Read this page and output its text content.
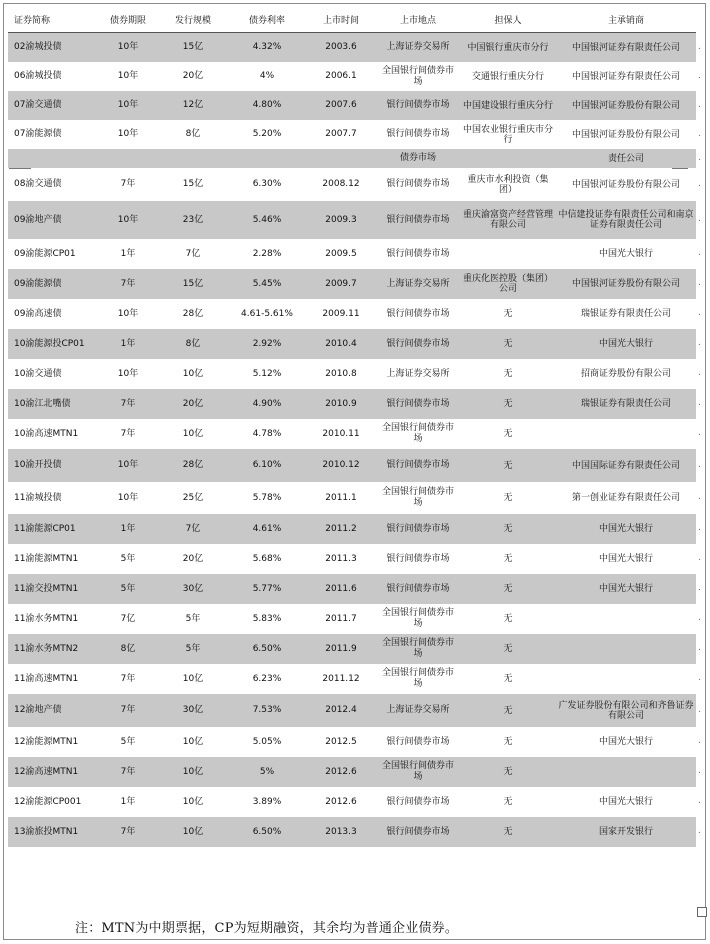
证券简称	债券期限	发行规模	债券利率	上市时间	上市地点	担保人	主承销商
02渝城投债	10年	15亿	4.32%	2003.6	上海证券交易所	中国银行重庆市分行	中国银河证券有限责任公司
06渝城投债	10年	20亿	4%	2006.1	全国银行间债券市场	交通银行重庆分行	中国银河证券有限责任公司
07渝交通债	10年	12亿	4.80%	2007.6	银行间债券市场	中国建设银行重庆分行	中国银河证券股份有限公司
07渝能源债	10年	8亿	5.20%	2007.7	银行间债券市场	中国农业银行重庆市分行	中国银河证券股份有限公司
					债券市场		责任公司
08渝交通债	7年	15亿	6.30%	2008.12	银行间债券市场	重庆市水利投资（集团）	中国银河证券股份有限公司
09渝地产债	10年	23亿	5.46%	2009.3	银行间债券市场	重庆渝富资产经营管理有限公司	中信建投证券有限责任公司和南京证券有限责任公司
09渝能源CP01	1年	7亿	2.28%	2009.5	银行间债券市场		中国光大银行
09渝能源债	7年	15亿	5.45%	2009.7	上海证券交易所	重庆化医控股（集团）公司	中国银河证券股份有限公司
09渝高速债	10年	28亿	4.61-5.61%	2009.11	银行间债券市场	无	瑞银证券有限责任公司
10渝能源投CP01	1年	8亿	2.92%	2010.4	银行间债券市场	无	中国光大银行
10渝交通债	10年	10亿	5.12%	2010.8	上海证券交易所	无	招商证券股份有限公司
10渝江北嘴债	7年	20亿	4.90%	2010.9	银行间债券市场	无	瑞银证券有限责任公司
10渝高速MTN1	7年	10亿	4.78%	2010.11	全国银行间债券市场	无	
10渝开投债	10年	28亿	6.10%	2010.12	银行间债券市场	无	中国国际证券有限责任公司
11渝城投债	10年	25亿	5.78%	2011.1	全国银行间债券市场	无	第一创业证券有限责任公司
11渝能源CP01	1年	7亿	4.61%	2011.2	银行间债券市场	无	中国光大银行
11渝能源MTN1	5年	20亿	5.68%	2011.3	银行间债券市场	无	中国光大银行
11渝交投MTN1	5年	30亿	5.77%	2011.6	银行间债券市场	无	中国光大银行
11渝水务MTN1	7亿	5年	5.83%	2011.7	全国银行间债券市场	无	
11渝水务MTN2	8亿	5年	6.50%	2011.9	全国银行间债券市场	无	
11渝高速MTN1	7年	10亿	6.23%	2011.12	全国银行间债券市场	无	
12渝地产债	7年	30亿	7.53%	2012.4	上海证券交易所	无	广发证券股份有限公司和齐鲁证券有限公司
12渝能源MTN1	5年	10亿	5.05%	2012.5	银行间债券市场	无	中国光大银行
12渝高速MTN1	7年	10亿	5%	2012.6	全国银行间债券市场	无	
12渝能源CP001	1年	10亿	3.89%	2012.6	银行间债券市场	无	中国光大银行
13渝旅投MTN1	7年	10亿	6.50%	2013.3	银行间债券市场	无	国家开发银行
.
.
.
.
.
.
.
.
.
.
.
.
.
.
.
.
.
.
.
.
.
.
.
.
.
.
.
注：MTN为中期票据，CP为短期融资，其余均为普通企业债券。
